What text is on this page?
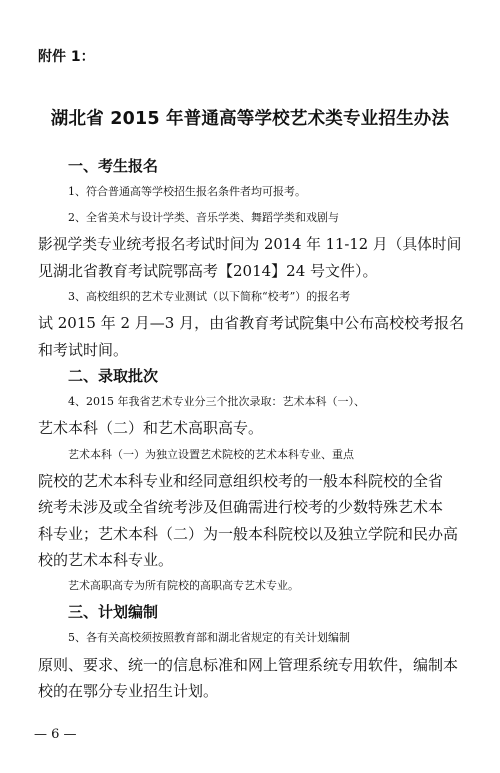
附件 1：
湖北省 2015 年普通高等学校艺术类专业招生办法
一、考生报名
1、符合普通高等学校招生报名条件者均可报考。
2、全省美术与设计学类、音乐学类、舞蹈学类和戏剧与
影视学类专业统考报名考试时间为 2014 年 11-12 月（具体时间
见湖北省教育考试院鄂高考【2014】24 号文件）。
3、高校组织的艺术专业测试（以下简称“校考”）的报名考
试 2015 年 2 月—3 月，由省教育考试院集中公布高校校考报名
和考试时间。
二、录取批次
4、2015 年我省艺术专业分三个批次录取：艺术本科（一）、
艺术本科（二）和艺术高职高专。
艺术本科（一）为独立设置艺术院校的艺术本科专业、重点
院校的艺术本科专业和经同意组织校考的一般本科院校的全省
统考未涉及或全省统考涉及但确需进行校考的少数特殊艺术本
科专业；艺术本科（二）为一般本科院校以及独立学院和民办高
校的艺术本科专业。
艺术高职高专为所有院校的高职高专艺术专业。
三、计划编制
5、各有关高校须按照教育部和湖北省规定的有关计划编制
原则、要求、统一的信息标准和网上管理系统专用软件，编制本
校的在鄂分专业招生计划。
— 6 —
